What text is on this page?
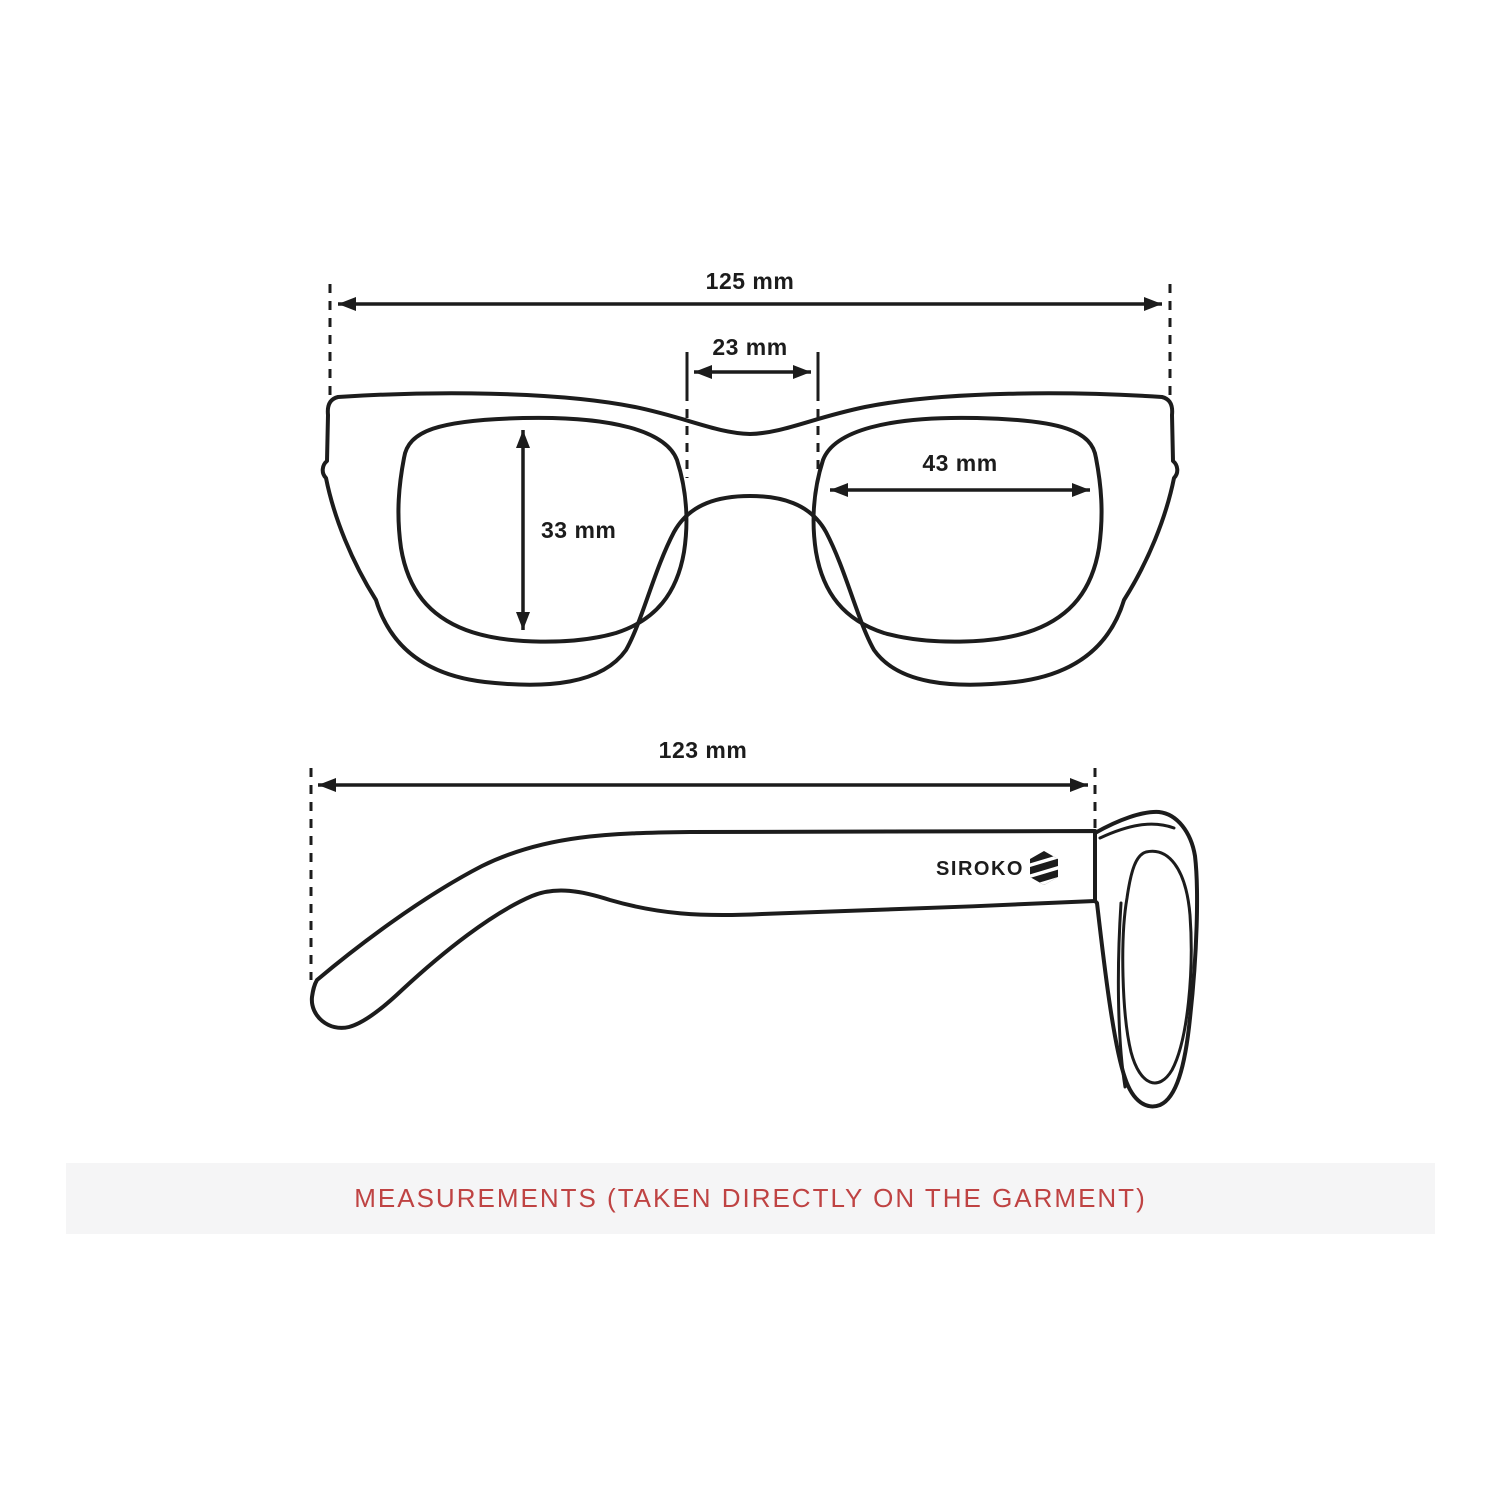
125 mm
23 mm
43 mm
33 mm
123 mm
SIROKO
MEASUREMENTS (TAKEN DIRECTLY ON THE GARMENT)
